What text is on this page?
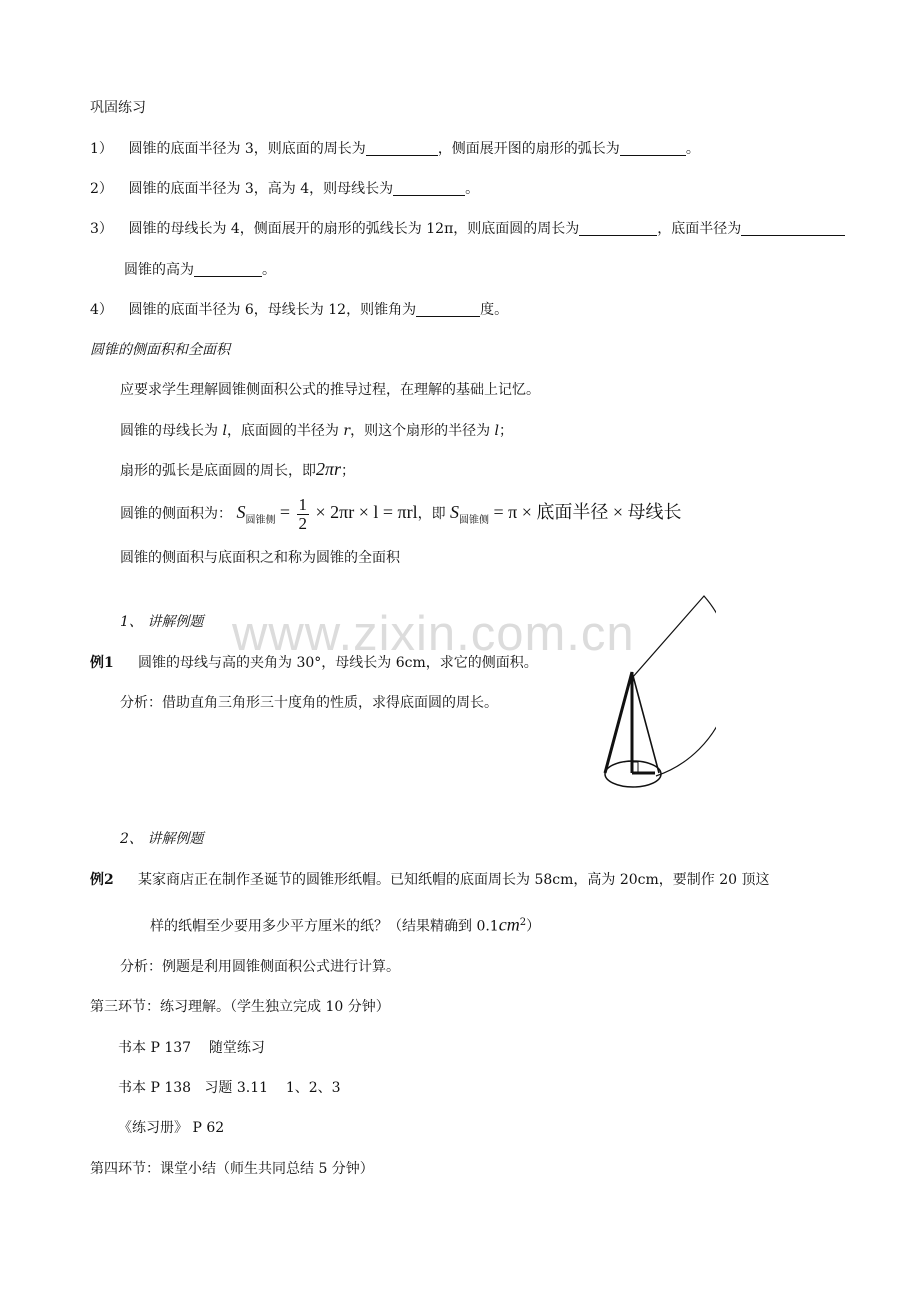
www.zixin.com.cn
巩固练习
1） 圆锥的底面半径为 3，则底面的周长为	，侧面展开图的扇形的弧长为	。
2） 圆锥的底面半径为 3，高为 4，则母线长为	。
3） 圆锥的母线长为 4，侧面展开的扇形的弧线长为 12π，则底面圆的周长为	，底面半径为
圆锥的高为	。
4） 圆锥的底面半径为 6，母线长为 12，则锥角为	度。
圆锥的侧面积和全面积
应要求学生理解圆锥侧面积公式的推导过程，在理解的基础上记忆。
圆锥的母线长为 l，底面圆的半径为 r，则这个扇形的半径为 l；
扇形的弧长是底面圆的周长，即2πr；
圆锥的侧面积为： $S_{圆锥侧} = \frac{1}{2} \times 2\pi r \times l = \pi rl$，即 $S_{圆锥侧} = \pi$ × 底面半径 × 母线长
圆锥的侧面积与底面积之和称为圆锥的全面积
1、 讲解例题
例1 圆锥的母线与高的夹角为 30°，母线长为 6cm，求它的侧面积。
分析：借助直角三角形三十度角的性质，求得底面圆的周长。
2、 讲解例题
例2 某家商店正在制作圣诞节的圆锥形纸帽。已知纸帽的底面周长为 58cm，高为 20cm，要制作 20 顶这
样的纸帽至少要用多少平方厘米的纸？（结果精确到 $0.1cm^2$）
分析：例题是利用圆锥侧面积公式进行计算。
第三环节：练习理解。（学生独立完成 10 分钟）
书本 P 137    随堂练习
书本 P 138   习题 3.11    1、2、3
《练习册》 P 62
第四环节：课堂小结（师生共同总结 5 分钟）
